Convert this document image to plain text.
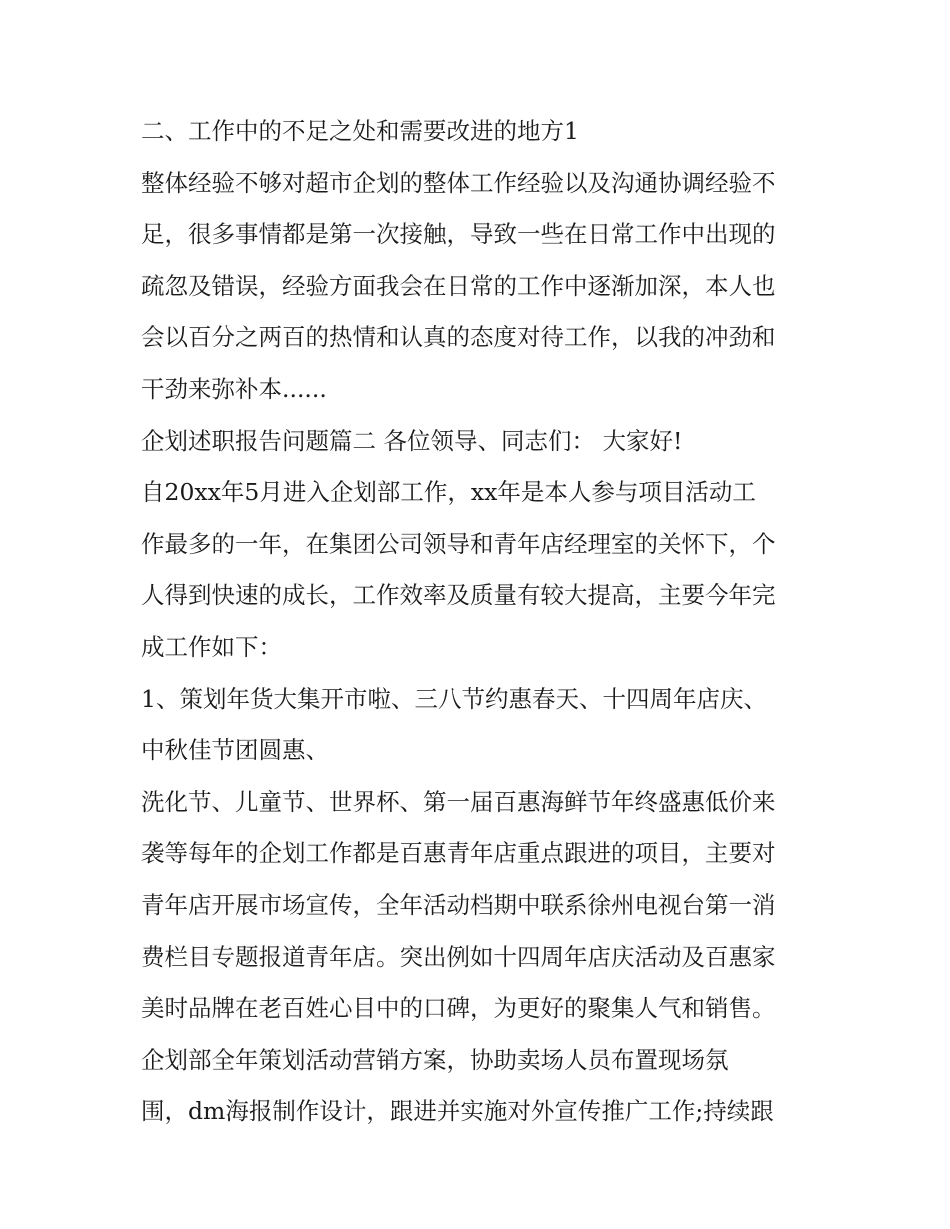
二、工作中的不足之处和需要改进的地方1
整体经验不够对超市企划的整体工作经验以及沟通协调经验不
足，很多事情都是第一次接触，导致一些在日常工作中出现的
疏忽及错误，经验方面我会在日常的工作中逐渐加深，本人也
会以百分之两百的热情和认真的态度对待工作，以我的冲劲和
干劲来弥补本......
企划述职报告问题篇二 各位领导、同志们： 大家好!
自20xx年5月进入企划部工作，xx年是本人参与项目活动工
作最多的一年，在集团公司领导和青年店经理室的关怀下，个
人得到快速的成长，工作效率及质量有较大提高，主要今年完
成工作如下：
1、策划年货大集开市啦、三八节约惠春天、十四周年店庆、
中秋佳节团圆惠、
洗化节、儿童节、世界杯、第一届百惠海鲜节年终盛惠低价来
袭等每年的企划工作都是百惠青年店重点跟进的项目，主要对
青年店开展市场宣传，全年活动档期中联系徐州电视台第一消
费栏目专题报道青年店。突出例如十四周年店庆活动及百惠家
美时品牌在老百姓心目中的口碑，为更好的聚集人气和销售。
企划部全年策划活动营销方案，协助卖场人员布置现场氛
围，dm海报制作设计，跟进并实施对外宣传推广工作;持续跟
